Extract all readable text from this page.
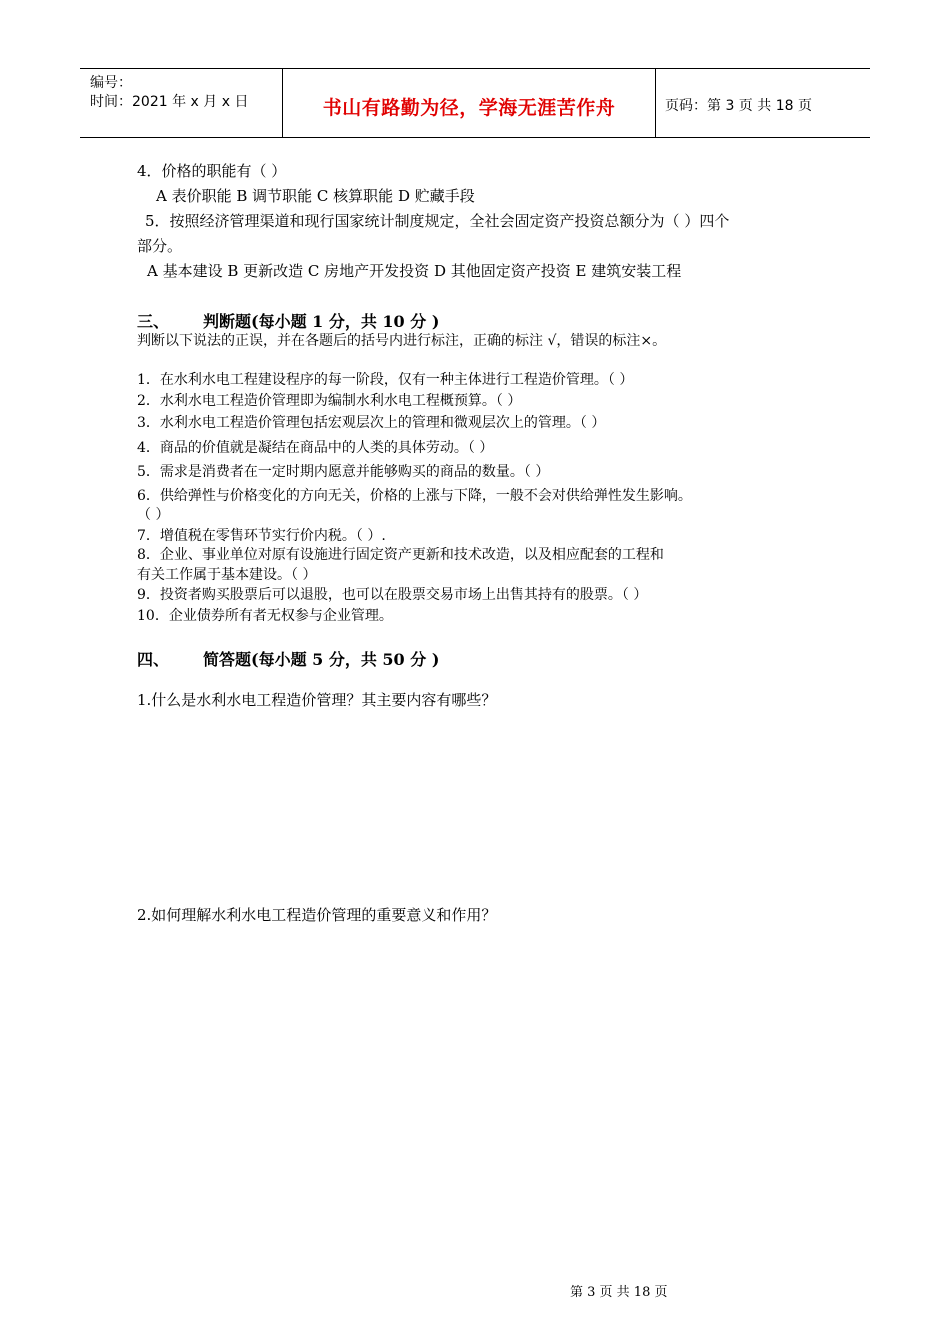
编号：
时间：2021 年 x 月 x 日	书山有路勤为径，学海无涯苦作舟	页码：第 3 页 共 18 页
4．价格的职能有（ ）
A 表价职能 B 调节职能 C 核算职能 D 贮藏手段
5．按照经济管理渠道和现行国家统计制度规定，全社会固定资产投资总额分为（ ）四个
部分。
A 基本建设 B 更新改造 C 房地产开发投资 D 其他固定资产投资 E 建筑安装工程
三、 判断题(每小题 1 分，共 10 分 )
判断以下说法的正误，并在各题后的括号内进行标注，正确的标注 √，错误的标注×。
1．在水利水电工程建设程序的每一阶段，仅有一种主体进行工程造价管理。（ ）
2．水利水电工程造价管理即为编制水利水电工程概预算。（ ）
3．水利水电工程造价管理包括宏观层次上的管理和微观层次上的管理。（ ）
4．商品的价值就是凝结在商品中的人类的具体劳动。（ ）
5．需求是消费者在一定时期内愿意并能够购买的商品的数量。（ ）
6．供给弹性与价格变化的方向无关，价格的上涨与下降，一般不会对供给弹性发生影响。
（ ）
7．增值税在零售环节实行价内税。（ ）.
8．企业、事业单位对原有设施进行固定资产更新和技术改造，以及相应配套的工程和
有关工作属于基本建设。（ ）
9．投资者购买股票后可以退股，也可以在股票交易市场上出售其持有的股票。（ ）
10．企业债券所有者无权参与企业管理。
四、 简答题(每小题 5 分，共 50 分 )
1.什么是水利水电工程造价管理？其主要内容有哪些？
2.如何理解水利水电工程造价管理的重要意义和作用？
第 3 页 共 18 页
